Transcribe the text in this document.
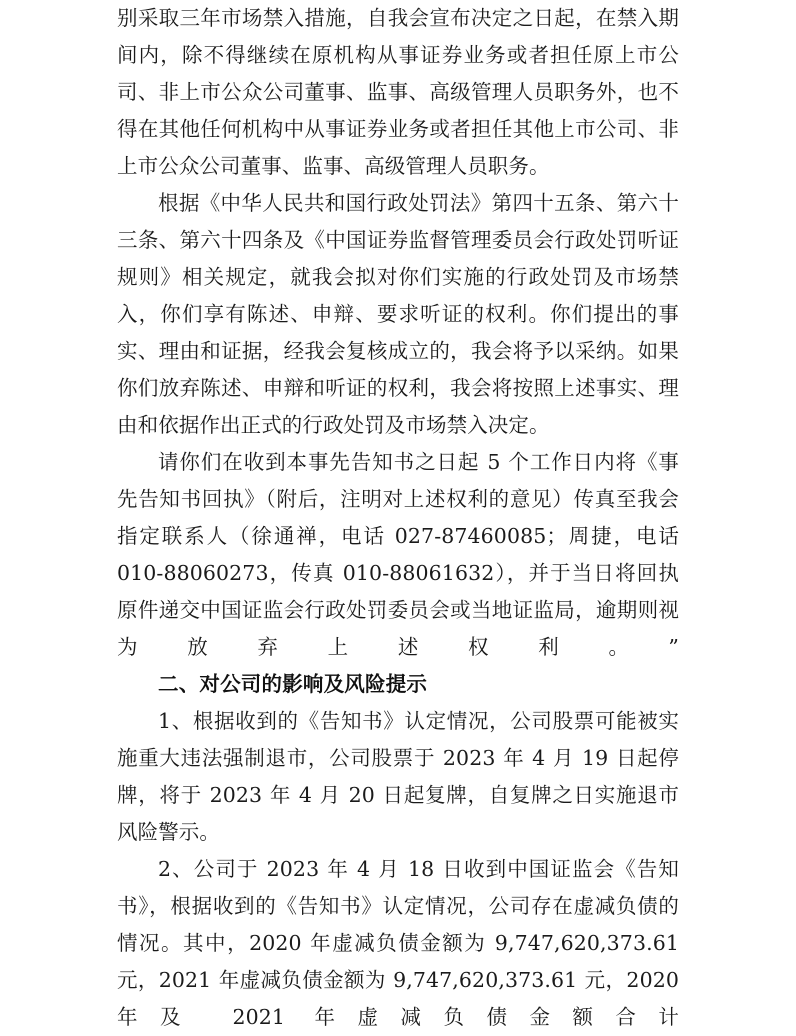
别采取三年市场禁入措施，自我会宣布决定之日起，在禁入期间内，除不得继续在原机构从事证券业务或者担任原上市公司、非上市公众公司董事、监事、高级管理人员职务外，也不得在其他任何机构中从事证券业务或者担任其他上市公司、非上市公众公司董事、监事、高级管理人员职务。

根据《中华人民共和国行政处罚法》第四十五条、第六十三条、第六十四条及《中国证券监督管理委员会行政处罚听证规则》相关规定，就我会拟对你们实施的行政处罚及市场禁入，你们享有陈述、申辩、要求听证的权利。你们提出的事实、理由和证据，经我会复核成立的，我会将予以采纳。如果你们放弃陈述、申辩和听证的权利，我会将按照上述事实、理由和依据作出正式的行政处罚及市场禁入决定。

请你们在收到本事先告知书之日起 5 个工作日内将《事先告知书回执》（附后，注明对上述权利的意见）传真至我会指定联系人（徐通禅，电话 027-87460085；周捷，电话 010-88060273，传真 010-88061632），并于当日将回执原件递交中国证监会行政处罚委员会或当地证监局，逾期则视为放弃上述权利。”

二、对公司的影响及风险提示

1、根据收到的《告知书》认定情况，公司股票可能被实施重大违法强制退市，公司股票于 2023 年 4 月 19 日起停牌，将于 2023 年 4 月 20 日起复牌，自复牌之日实施退市风险警示。

2、公司于 2023 年 4 月 18 日收到中国证监会《告知书》，根据收到的《告知书》认定情况，公司存在虚减负债的情况。其中，2020 年虚减负债金额为 9,747,620,373.61 元，2021 年虚减负债金额为 9,747,620,373.61 元，2020 年及 2021 年虚减负债金额合计
